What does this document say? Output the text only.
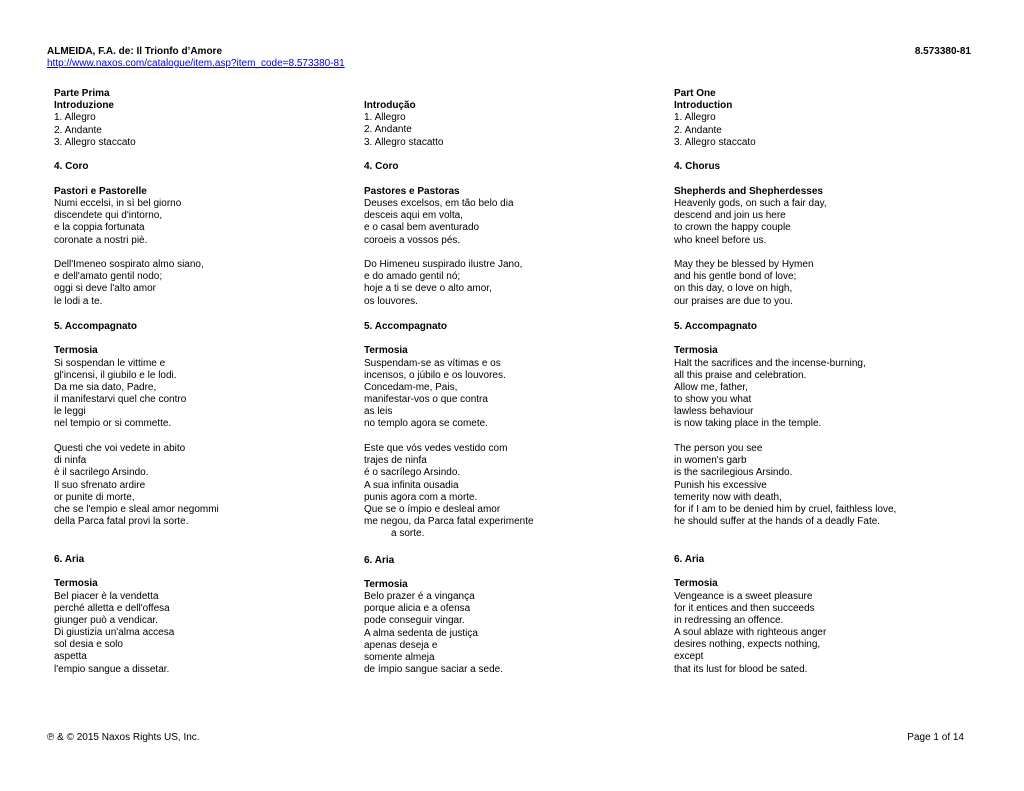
ALMEIDA, F.A. de: Il Trionfo d’Amore	8.573380-81
http://www.naxos.com/catalogue/item.asp?item_code=8.573380-81
Parte Prima
Introduzione
1. Allegro
2. Andante
3. Allegro staccato
4. Coro
Pastori e Pastorelle
Numi eccelsi, in sì bel giorno
discendete qui d'intorno,
e la coppia fortunata
coronate a nostri piè.
Dell'Imeneo sospirato almo siano,
e dell'amato gentil nodo;
oggi si deve l'alto amor
le lodi a te.
5. Accompagnato
Termosia
Si sospendan le vittime e
gl'incensi, il giubilo e le lodi.
Da me sia dato, Padre,
il manifestarvi quel che contro
le leggi
nel tempio or si commette.
Questi che voi vedete in abito
di ninfa
è il sacrilego Arsindo.
Il suo sfrenato ardire
or punite di morte,
che se l'empio e sleal amor negommi
della Parca fatal provi la sorte.
6. Aria
Termosia
Bel piacer è la vendetta
perché alletta e dell'offesa
giunger può a vendicar.
Di giustizia un'alma accesa
sol desia e solo
aspetta
l'empio sangue a dissetar.
Introdução
1. Allegro
2. Andante
3. Allegro stacatto
4. Coro
Pastores e Pastoras
Deuses excelsos, em tão belo dia
desceis aqui em volta,
e o casal bem aventurado
coroeis a vossos pés.
Do Himeneu suspirado ilustre Jano,
e do amado gentil nó;
hoje a ti se deve o alto amor,
os louvores.
5. Accompagnato
Termosia
Suspendam-se as vítimas e os
incensos, o júbilo e os louvores.
Concedam-me, Pais,
manifestar-vos o que contra
as leis
no templo agora se comete.
Este que vós vedes vestido com
trajes de ninfa
é o sacrílego Arsindo.
A sua infinita ousadia
punis agora com a morte.
Que se o ímpio e desleal amor
me negou, da Parca fatal experimente
a sorte.
6. Aria
Termosia
Belo prazer é a vingança
porque alicia e a ofensa
pode conseguir vingar.
A alma sedenta de justiça
apenas deseja e
somente almeja
de ímpio sangue saciar a sede.
Part One
Introduction
1. Allegro
2. Andante
3. Allegro staccato
4. Chorus
Shepherds and Shepherdesses
Heavenly gods, on such a fair day,
descend and join us here
to crown the happy couple
who kneel before us.
May they be blessed by Hymen
and his gentle bond of love;
on this day, o love on high,
our praises are due to you.
5. Accompagnato
Termosia
Halt the sacrifices and the incense-burning,
all this praise and celebration.
Allow me, father,
to show you what
lawless behaviour
is now taking place in the temple.
The person you see
in women's garb
is the sacrilegious Arsindo.
Punish his excessive
temerity now with death,
for if I am to be denied him by cruel, faithless love,
he should suffer at the hands of a deadly Fate.
6. Aria
Termosia
Vengeance is a sweet pleasure
for it entices and then succeeds
in redressing an offence.
A soul ablaze with righteous anger
desires nothing, expects nothing,
except
that its lust for blood be sated.
℗ & © 2015 Naxos Rights US, Inc.	Page 1 of 14
